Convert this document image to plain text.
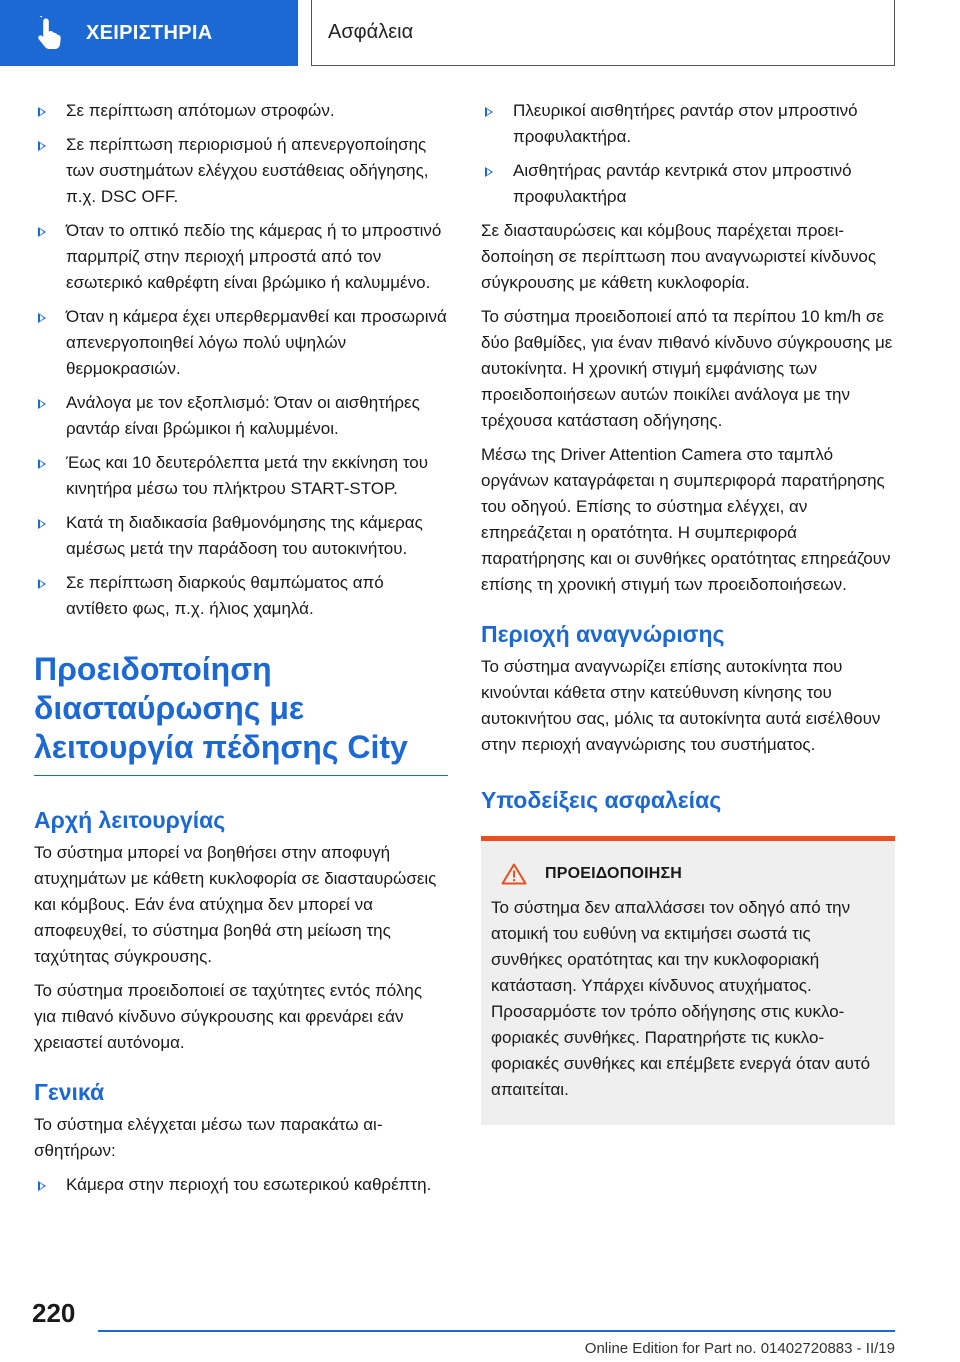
ΧΕΙΡΙΣΤΗΡΙΑ	Ασφάλεια
Σε περίπτωση απότομων στροφών.
Σε περίπτωση περιορισμού ή απενεργοποίησης των συστημάτων ελέγχου ευστάθειας οδήγησης, π.χ. DSC OFF.
Όταν το οπτικό πεδίο της κάμερας ή το μπροστινό παρμπρίζ στην περιοχή μπροστά από τον εσωτερικό καθρέφτη είναι βρώμικο ή καλυμμένο.
Όταν η κάμερα έχει υπερθερμανθεί και προσωρινά απενεργοποιηθεί λόγω πολύ υψηλών θερμοκρασιών.
Ανάλογα με τον εξοπλισμό: Όταν οι αισθητήρες ραντάρ είναι βρώμικοι ή καλυμμένοι.
Έως και 10 δευτερόλεπτα μετά την εκκίνηση του κινητήρα μέσω του πλήκτρου START-STOP.
Κατά τη διαδικασία βαθμονόμησης της κάμερας αμέσως μετά την παράδοση του αυτοκινήτου.
Σε περίπτωση διαρκούς θαμπώματος από αντίθετο φως, π.χ. ήλιος χαμηλά.
Προειδοποίηση διασταύρωσης με λειτουργία πέδησης City
Αρχή λειτουργίας

Το σύστημα μπορεί να βοηθήσει στην αποφυγή ατυχημάτων με κάθετη κυκλοφορία σε διασταυρώσεις και κόμβους. Εάν ένα ατύχημα δεν μπορεί να αποφευχθεί, το σύστημα βοηθά στη μείωση της ταχύτητας σύγκρουσης.

Το σύστημα προειδοποιεί σε ταχύτητες εντός πόλης για πιθανό κίνδυνο σύγκρουσης και φρενάρει εάν χρειαστεί αυτόνομα.

Γενικά

Το σύστημα ελέγχεται μέσω των παρακάτω αισθητήρων:

Κάμερα στην περιοχή του εσωτερικού καθρέπτη.
Πλευρικοί αισθητήρες ραντάρ στον μπροστινό προφυλακτήρα.
Αισθητήρας ραντάρ κεντρικά στον μπροστινό προφυλακτήρα

Σε διασταυρώσεις και κόμβους παρέχεται προειδοποίηση σε περίπτωση που αναγνωριστεί κίνδυνος σύγκρουσης με κάθετη κυκλοφορία.

Το σύστημα προειδοποιεί από τα περίπου 10 km/h σε δύο βαθμίδες, για έναν πιθανό κίνδυνο σύγκρουσης με αυτοκίνητα. Η χρονική στιγμή εμφάνισης των προειδοποιήσεων αυτών ποικίλει ανάλογα με την τρέχουσα κατάσταση οδήγησης.

Μέσω της Driver Attention Camera στο ταμπλό οργάνων καταγράφεται η συμπεριφορά παρατήρησης του οδηγού. Επίσης το σύστημα ελέγχει, αν επηρεάζεται η ορατότητα. Η συμπεριφορά παρατήρησης και οι συνθήκες ορατότητας επηρεάζουν επίσης τη χρονική στιγμή των προειδοποιήσεων.

Περιοχή αναγνώρισης

Το σύστημα αναγνωρίζει επίσης αυτοκίνητα που κινούνται κάθετα στην κατεύθυνση κίνησης του αυτοκινήτου σας, μόλις τα αυτοκίνητα αυτά εισέλθουν στην περιοχή αναγνώρισης του συστήματος.

Υποδείξεις ασφαλείας
ΠΡΟΕΙΔΟΠΟΙΗΣΗ

Το σύστημα δεν απαλλάσσει τον οδηγό από την ατομική του ευθύνη να εκτιμήσει σωστά τις συνθήκες ορατότητας και την κυκλοφοριακή κατάσταση. Υπάρχει κίνδυνος ατυχήματος. Προσαρμόστε τον τρόπο οδήγησης στις κυκλοφοριακές συνθήκες. Παρατηρήστε τις κυκλοφοριακές συνθήκες και επέμβετε ενεργά όταν αυτό απαιτείται.

220
Online Edition for Part no. 01402720883 - II/19
